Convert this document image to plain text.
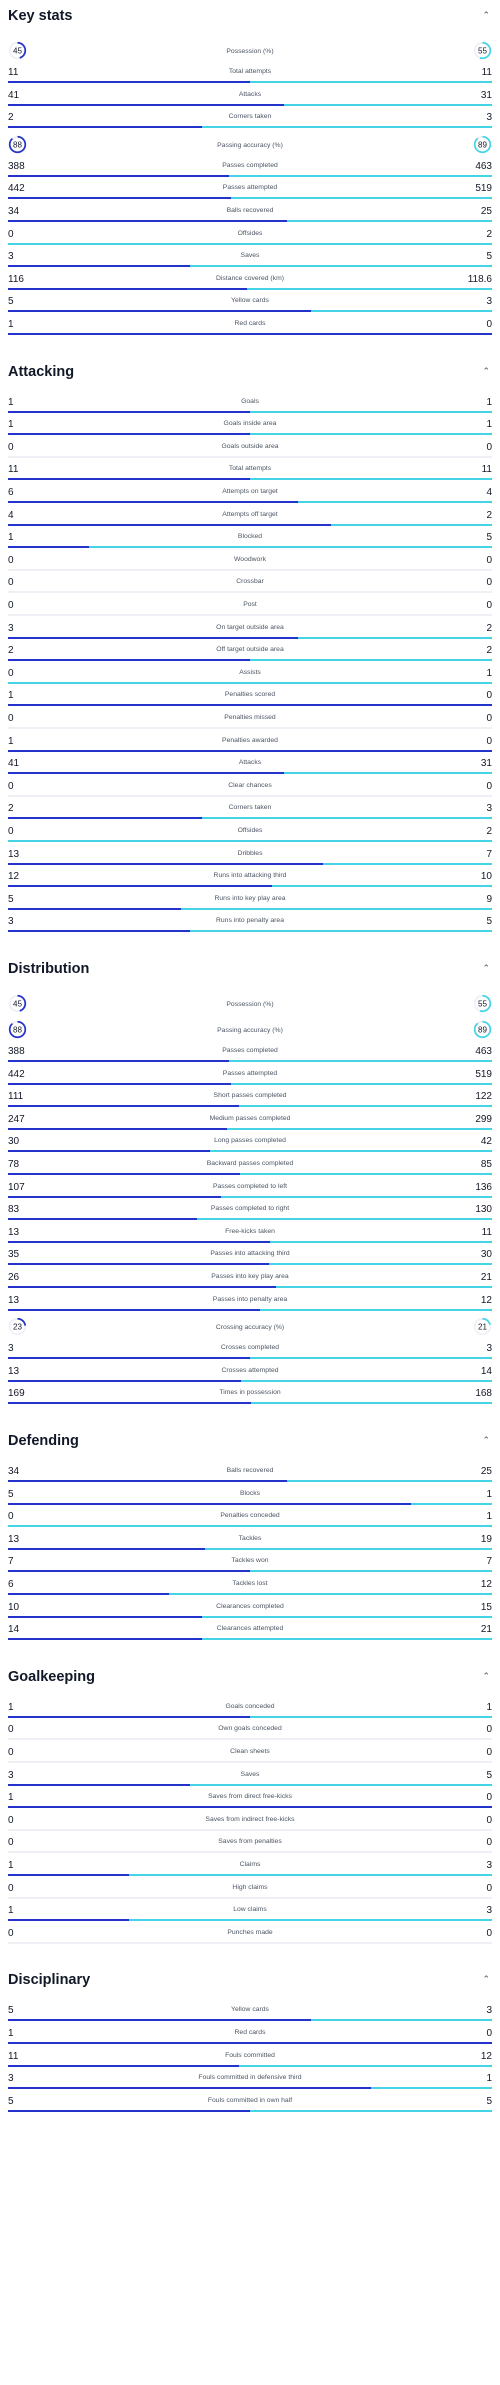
Key stats	⌃
Possession (%)
45	55
Total attempts
11	11
Attacks
41	31
Corners taken
2	3
Passing accuracy (%)
88	89
Passes completed
388	463
Passes attempted
442	519
Balls recovered
34	25
Offsides
0	2
Saves
3	5
Distance covered (km)
116	118.6
Yellow cards
5	3
Red cards
1	0
Attacking	⌃
Goals
1	1
Goals inside area
1	1
Goals outside area
0	0
Total attempts
11	11
Attempts on target
6	4
Attempts off target
4	2
Blocked
1	5
Woodwork
0	0
Crossbar
0	0
Post
0	0
On target outside area
3	2
Off target outside area
2	2
Assists
0	1
Penalties scored
1	0
Penalties missed
0	0
Penalties awarded
1	0
Attacks
41	31
Clear chances
0	0
Corners taken
2	3
Offsides
0	2
Dribbles
13	7
Runs into attacking third
12	10
Runs into key play area
5	9
Runs into penalty area
3	5
Distribution	⌃
Possession (%)
45	55
Passing accuracy (%)
88	89
Passes completed
388	463
Passes attempted
442	519
Short passes completed
111	122
Medium passes completed
247	299
Long passes completed
30	42
Backward passes completed
78	85
Passes completed to left
107	136
Passes completed to right
83	130
Free-kicks taken
13	11
Passes into attacking third
35	30
Passes into key play area
26	21
Passes into penalty area
13	12
Crossing accuracy (%)
23	21
Crosses completed
3	3
Crosses attempted
13	14
Times in possession
169	168
Defending	⌃
Balls recovered
34	25
Blocks
5	1
Penalties conceded
0	1
Tackles
13	19
Tackles won
7	7
Tackles lost
6	12
Clearances completed
10	15
Clearances attempted
14	21
Goalkeeping	⌃
Goals conceded
1	1
Own goals conceded
0	0
Clean sheets
0	0
Saves
3	5
Saves from direct free-kicks
1	0
Saves from indirect free-kicks
0	0
Saves from penalties
0	0
Claims
1	3
High claims
0	0
Low claims
1	3
Punches made
0	0
Disciplinary	⌃
Yellow cards
5	3
Red cards
1	0
Fouls committed
11	12
Fouls committed in defensive third
3	1
Fouls committed in own half
5	5
